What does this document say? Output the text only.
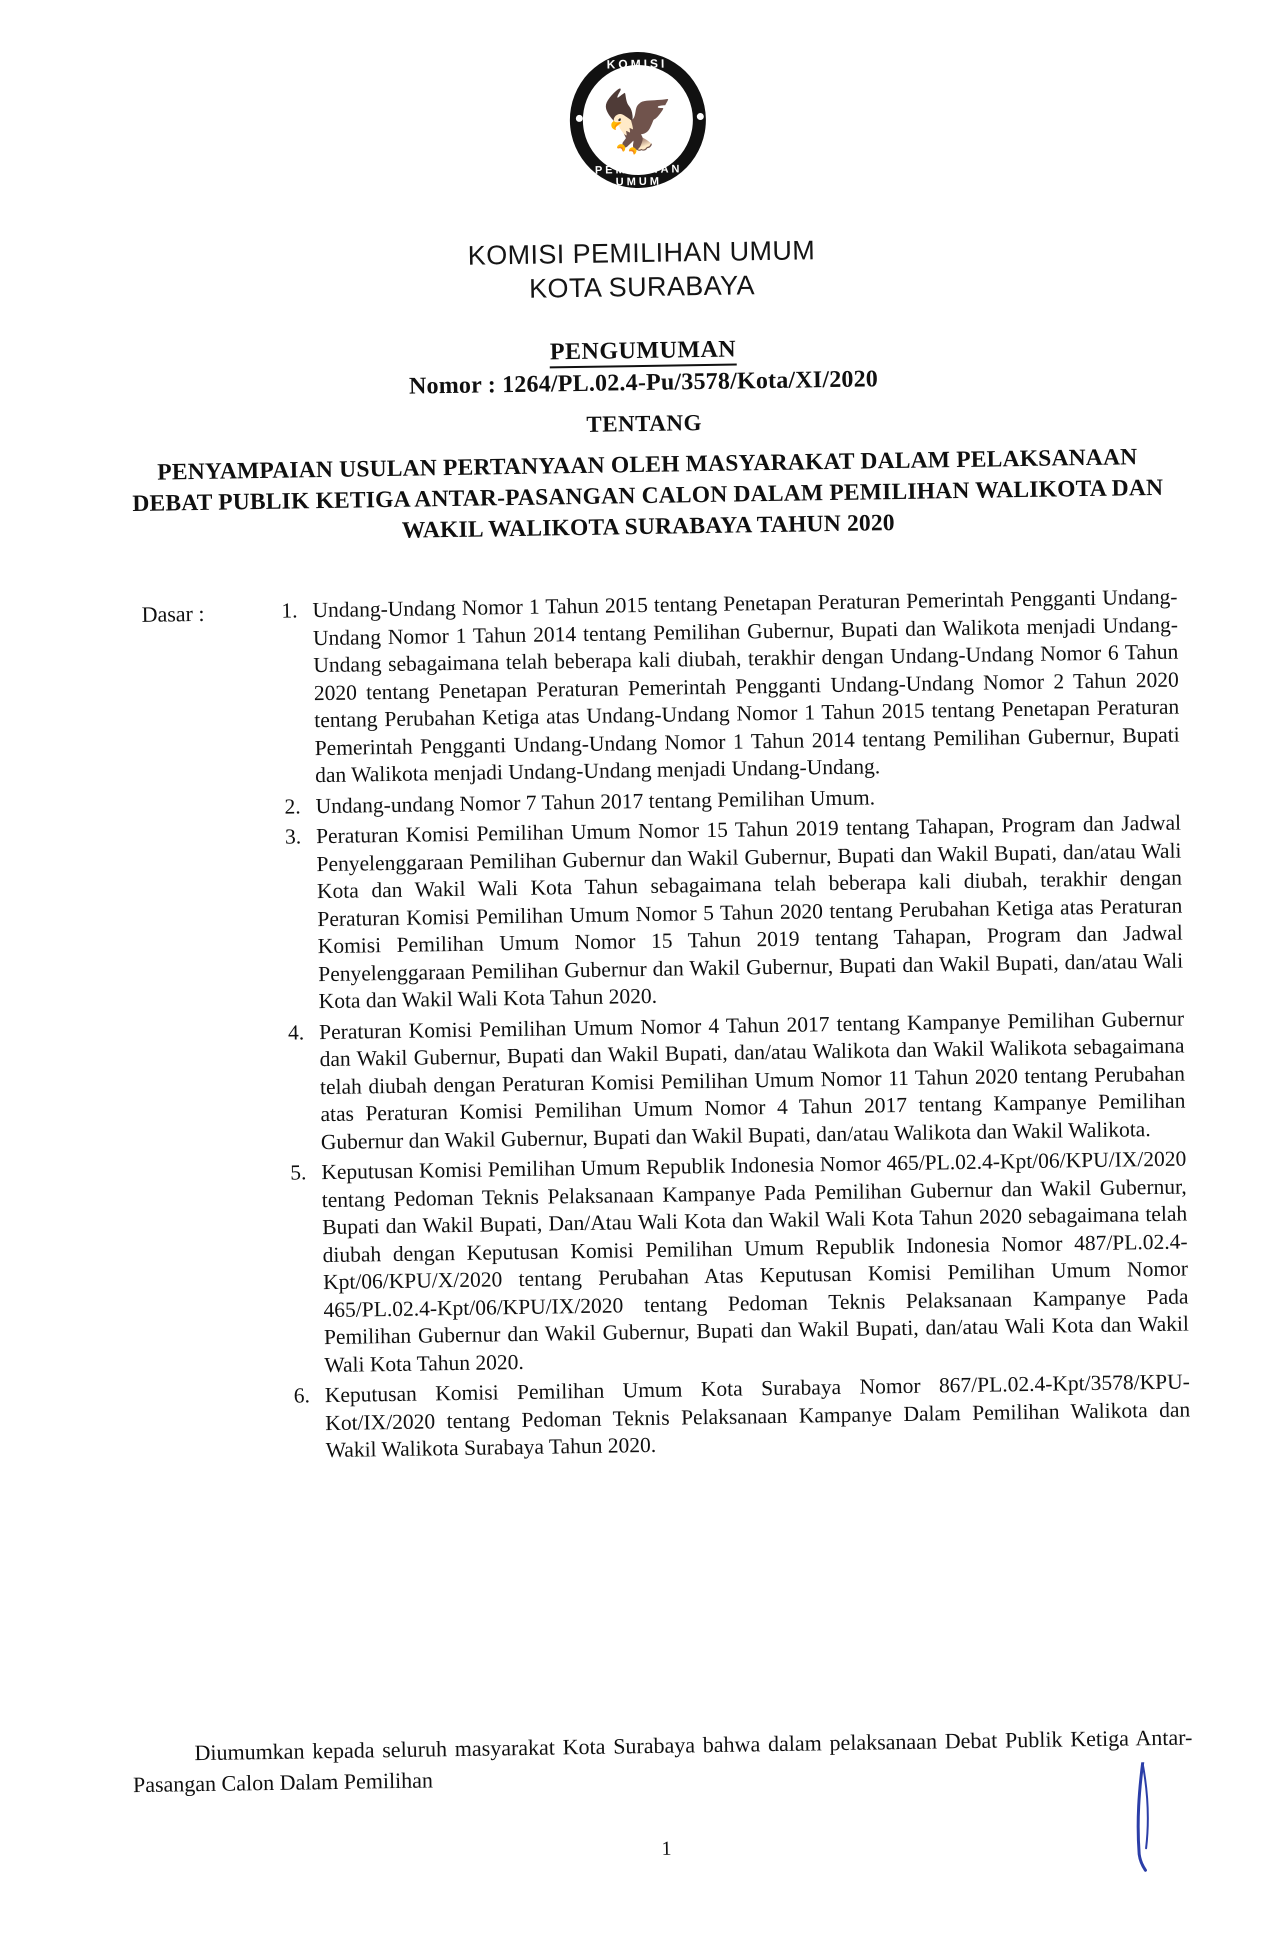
🦅
KOMISI
PEMILIHAN UMUM
KOMISI PEMILIHAN UMUM
KOTA SURABAYA
PENGUMUMAN
Nomor : 1264/PL.02.4-Pu/3578/Kota/XI/2020
TENTANG
PENYAMPAIAN USULAN PERTANYAAN OLEH MASYARAKAT DALAM PELAKSANAAN DEBAT PUBLIK KETIGA ANTAR-PASANGAN CALON DALAM PEMILIHAN WALIKOTA DAN WAKIL WALIKOTA SURABAYA TAHUN 2020
Dasar :	1. Undang-Undang Nomor 1 Tahun 2015 tentang Penetapan Peraturan Pemerintah Pengganti Undang-Undang Nomor 1 Tahun 2014 tentang Pemilihan Gubernur, Bupati dan Walikota menjadi Undang-Undang sebagaimana telah beberapa kali diubah, terakhir dengan Undang-Undang Nomor 6 Tahun 2020 tentang Penetapan Peraturan Pemerintah Pengganti Undang-Undang Nomor 2 Tahun 2020 tentang Perubahan Ketiga atas Undang-Undang Nomor 1 Tahun 2015 tentang Penetapan Peraturan Pemerintah Pengganti Undang-Undang Nomor 1 Tahun 2014 tentang Pemilihan Gubernur, Bupati dan Walikota menjadi Undang-Undang menjadi Undang-Undang.
2. Undang-undang Nomor 7 Tahun 2017 tentang Pemilihan Umum.
3. Peraturan Komisi Pemilihan Umum Nomor 15 Tahun 2019 tentang Tahapan, Program dan Jadwal Penyelenggaraan Pemilihan Gubernur dan Wakil Gubernur, Bupati dan Wakil Bupati, dan/atau Wali Kota dan Wakil Wali Kota Tahun sebagaimana telah beberapa kali diubah, terakhir dengan Peraturan Komisi Pemilihan Umum Nomor 5 Tahun 2020 tentang Perubahan Ketiga atas Peraturan Komisi Pemilihan Umum Nomor 15 Tahun 2019 tentang Tahapan, Program dan Jadwal Penyelenggaraan Pemilihan Gubernur dan Wakil Gubernur, Bupati dan Wakil Bupati, dan/atau Wali Kota dan Wakil Wali Kota Tahun 2020.
4. Peraturan Komisi Pemilihan Umum Nomor 4 Tahun 2017 tentang Kampanye Pemilihan Gubernur dan Wakil Gubernur, Bupati dan Wakil Bupati, dan/atau Walikota dan Wakil Walikota sebagaimana telah diubah dengan Peraturan Komisi Pemilihan Umum Nomor 11 Tahun 2020 tentang Perubahan atas Peraturan Komisi Pemilihan Umum Nomor 4 Tahun 2017 tentang Kampanye Pemilihan Gubernur dan Wakil Gubernur, Bupati dan Wakil Bupati, dan/atau Walikota dan Wakil Walikota.
5. Keputusan Komisi Pemilihan Umum Republik Indonesia Nomor 465/PL.02.4-Kpt/06/KPU/IX/2020 tentang Pedoman Teknis Pelaksanaan Kampanye Pada Pemilihan Gubernur dan Wakil Gubernur, Bupati dan Wakil Bupati, Dan/Atau Wali Kota dan Wakil Wali Kota Tahun 2020 sebagaimana telah diubah dengan Keputusan Komisi Pemilihan Umum Republik Indonesia Nomor 487/PL.02.4-Kpt/06/KPU/X/2020 tentang Perubahan Atas Keputusan Komisi Pemilihan Umum Nomor 465/PL.02.4-Kpt/06/KPU/IX/2020 tentang Pedoman Teknis Pelaksanaan Kampanye Pada Pemilihan Gubernur dan Wakil Gubernur, Bupati dan Wakil Bupati, dan/atau Wali Kota dan Wakil Wali Kota Tahun 2020.
6. Keputusan Komisi Pemilihan Umum Kota Surabaya Nomor 867/PL.02.4-Kpt/3578/KPU-Kot/IX/2020 tentang Pedoman Teknis Pelaksanaan Kampanye Dalam Pemilihan Walikota dan Wakil Walikota Surabaya Tahun 2020.
Diumumkan kepada seluruh masyarakat Kota Surabaya bahwa dalam pelaksanaan Debat Publik Ketiga Antar-Pasangan Calon Dalam Pemilihan
1
